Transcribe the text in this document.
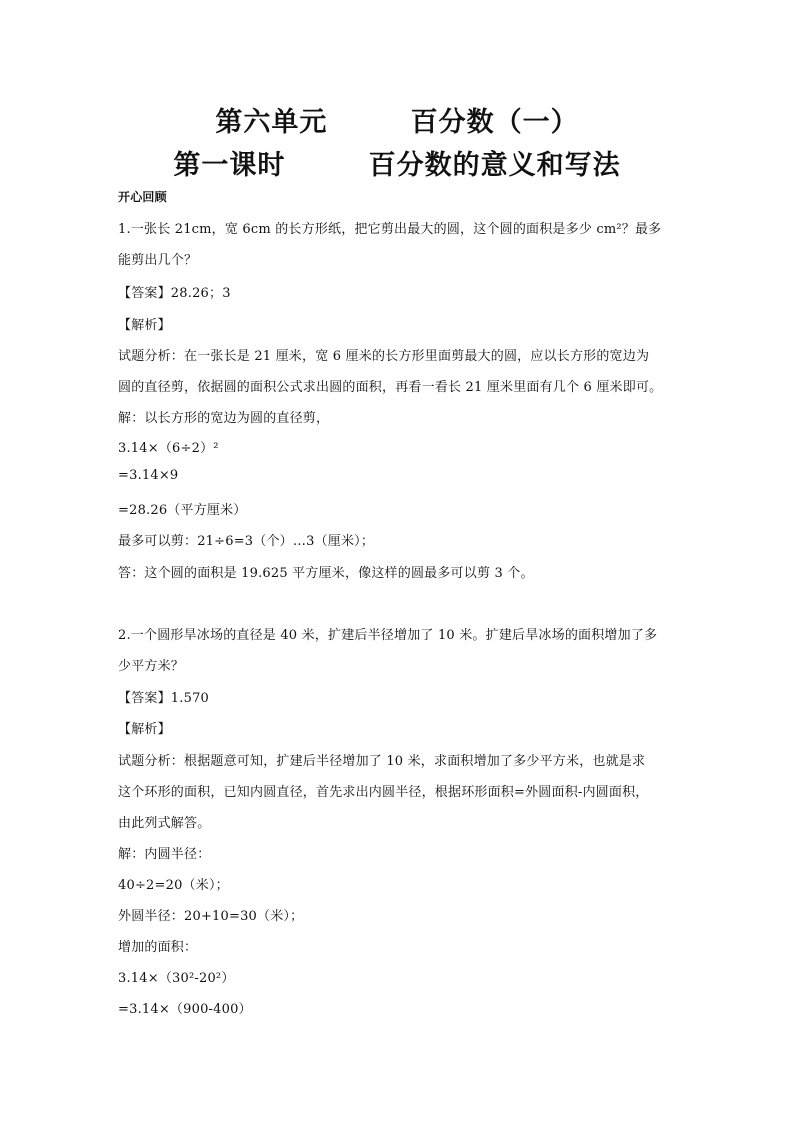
第六单元        百分数（一）
第一课时        百分数的意义和写法
开心回顾
1.一张长 21cm，宽 6cm 的长方形纸，把它剪出最大的圆，这个圆的面积是多少 cm²？最多
能剪出几个？
【答案】28.26；3
【解析】
试题分析：在一张长是 21 厘米，宽 6 厘米的长方形里面剪最大的圆，应以长方形的宽边为
圆的直径剪，依据圆的面积公式求出圆的面积，再看一看长 21 厘米里面有几个 6 厘米即可。
解：以长方形的宽边为圆的直径剪，
3.14×（6÷2）²
=3.14×9
=28.26（平方厘米）
最多可以剪：21÷6=3（个）…3（厘米）；
答：这个圆的面积是 19.625 平方厘米，像这样的圆最多可以剪 3 个。
2.一个圆形旱冰场的直径是 40 米，扩建后半径增加了 10 米。扩建后旱冰场的面积增加了多
少平方米？
【答案】1.570
【解析】
试题分析：根据题意可知，扩建后半径增加了 10 米，求面积增加了多少平方米，也就是求
这个环形的面积，已知内圆直径，首先求出内圆半径，根据环形面积=外圆面积-内圆面积，
由此列式解答。
解：内圆半径：
40÷2=20（米）；
外圆半径：20+10=30（米）；
增加的面积：
3.14×（30²-20²）
=3.14×（900-400）
